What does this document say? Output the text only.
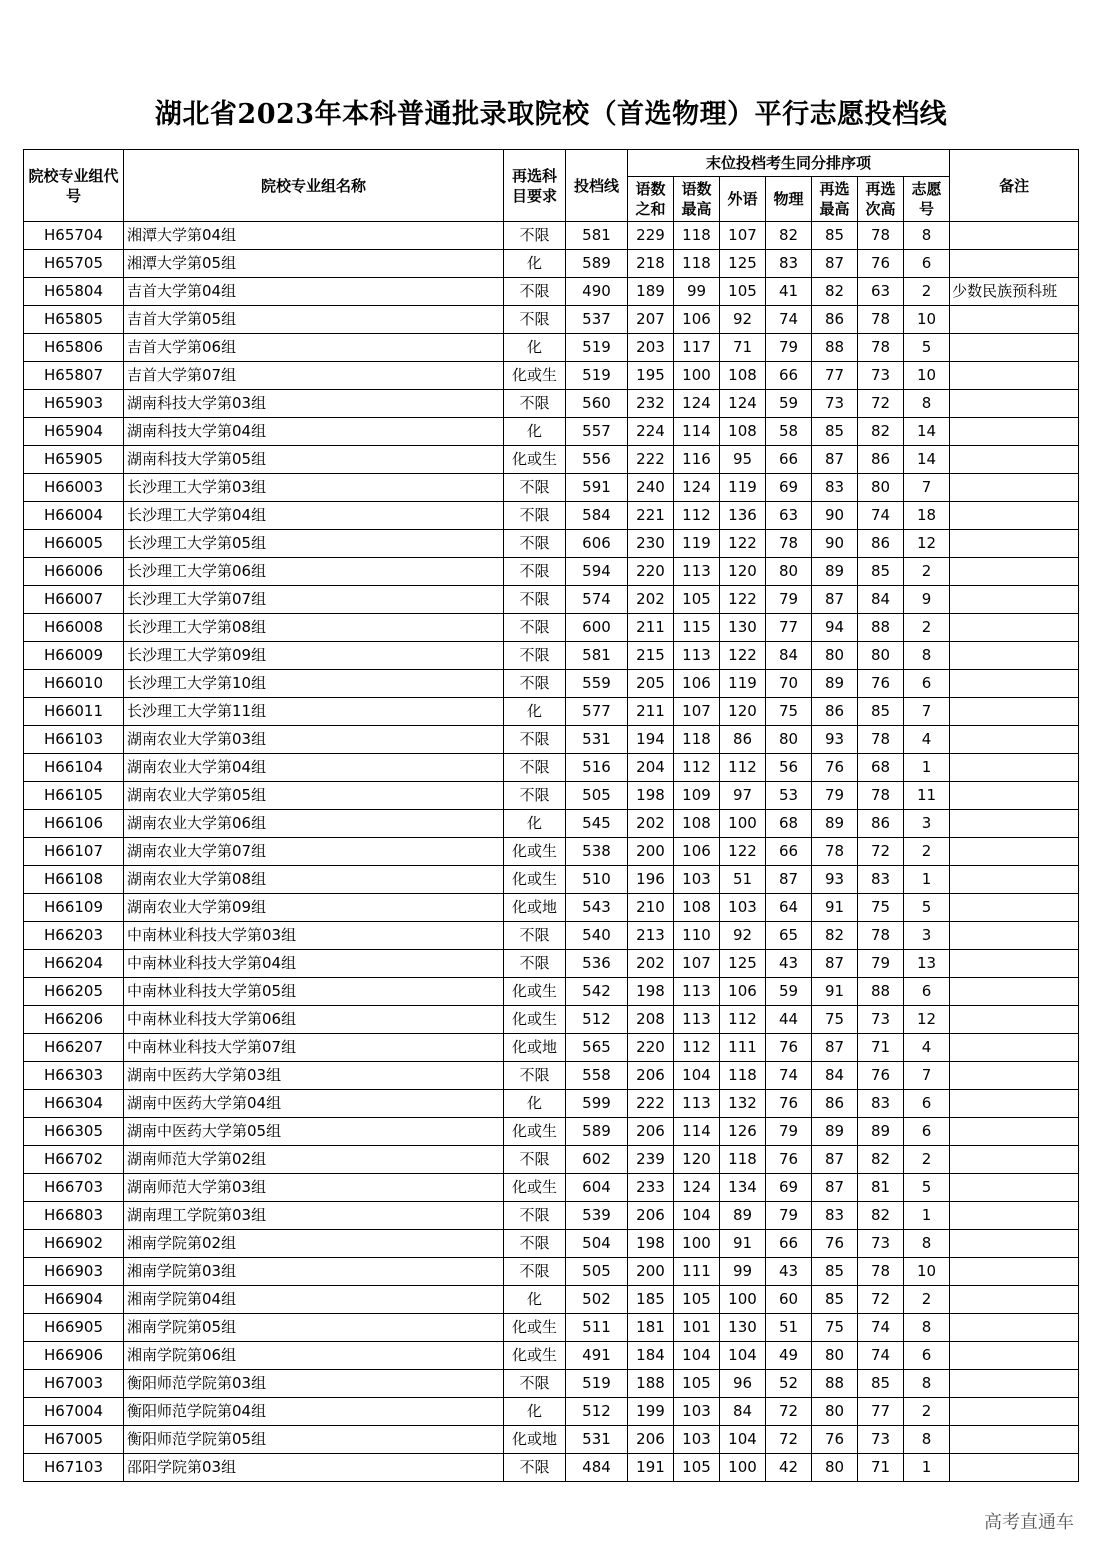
湖北省2023年本科普通批录取院校（首选物理）平行志愿投档线
院校专业组代号	院校专业组名称	再选科目要求	投档线	末位投档考生同分排序项							备注

				语数之和	语数最高	外语	物理	再选最高	再选次高	志愿号	

H65704	湘潭大学第04组	不限	581	229	118	107	82	85	78	8	
H65705	湘潭大学第05组	化	589	218	118	125	83	87	76	6	
H65804	吉首大学第04组	不限	490	189	99	105	41	82	63	2	少数民族预科班
H65805	吉首大学第05组	不限	537	207	106	92	74	86	78	10	
H65806	吉首大学第06组	化	519	203	117	71	79	88	78	5	
H65807	吉首大学第07组	化或生	519	195	100	108	66	77	73	10	
H65903	湖南科技大学第03组	不限	560	232	124	124	59	73	72	8	
H65904	湖南科技大学第04组	化	557	224	114	108	58	85	82	14	
H65905	湖南科技大学第05组	化或生	556	222	116	95	66	87	86	14	
H66003	长沙理工大学第03组	不限	591	240	124	119	69	83	80	7	
H66004	长沙理工大学第04组	不限	584	221	112	136	63	90	74	18	
H66005	长沙理工大学第05组	不限	606	230	119	122	78	90	86	12	
H66006	长沙理工大学第06组	不限	594	220	113	120	80	89	85	2	
H66007	长沙理工大学第07组	不限	574	202	105	122	79	87	84	9	
H66008	长沙理工大学第08组	不限	600	211	115	130	77	94	88	2	
H66009	长沙理工大学第09组	不限	581	215	113	122	84	80	80	8	
H66010	长沙理工大学第10组	不限	559	205	106	119	70	89	76	6	
H66011	长沙理工大学第11组	化	577	211	107	120	75	86	85	7	
H66103	湖南农业大学第03组	不限	531	194	118	86	80	93	78	4	
H66104	湖南农业大学第04组	不限	516	204	112	112	56	76	68	1	
H66105	湖南农业大学第05组	不限	505	198	109	97	53	79	78	11	
H66106	湖南农业大学第06组	化	545	202	108	100	68	89	86	3	
H66107	湖南农业大学第07组	化或生	538	200	106	122	66	78	72	2	
H66108	湖南农业大学第08组	化或生	510	196	103	51	87	93	83	1	
H66109	湖南农业大学第09组	化或地	543	210	108	103	64	91	75	5	
H66203	中南林业科技大学第03组	不限	540	213	110	92	65	82	78	3	
H66204	中南林业科技大学第04组	不限	536	202	107	125	43	87	79	13	
H66205	中南林业科技大学第05组	化或生	542	198	113	106	59	91	88	6	
H66206	中南林业科技大学第06组	化或生	512	208	113	112	44	75	73	12	
H66207	中南林业科技大学第07组	化或地	565	220	112	111	76	87	71	4	
H66303	湖南中医药大学第03组	不限	558	206	104	118	74	84	76	7	
H66304	湖南中医药大学第04组	化	599	222	113	132	76	86	83	6	
H66305	湖南中医药大学第05组	化或生	589	206	114	126	79	89	89	6	
H66702	湖南师范大学第02组	不限	602	239	120	118	76	87	82	2	
H66703	湖南师范大学第03组	化或生	604	233	124	134	69	87	81	5	
H66803	湖南理工学院第03组	不限	539	206	104	89	79	83	82	1	
H66902	湘南学院第02组	不限	504	198	100	91	66	76	73	8	
H66903	湘南学院第03组	不限	505	200	111	99	43	85	78	10	
H66904	湘南学院第04组	化	502	185	105	100	60	85	72	2	
H66905	湘南学院第05组	化或生	511	181	101	130	51	75	74	8	
H66906	湘南学院第06组	化或生	491	184	104	104	49	80	74	6	
H67003	衡阳师范学院第03组	不限	519	188	105	96	52	88	85	8	
H67004	衡阳师范学院第04组	化	512	199	103	84	72	80	77	2	
H67005	衡阳师范学院第05组	化或地	531	206	103	104	72	76	73	8	
H67103	邵阳学院第03组	不限	484	191	105	100	42	80	71	1	
高考直通车
